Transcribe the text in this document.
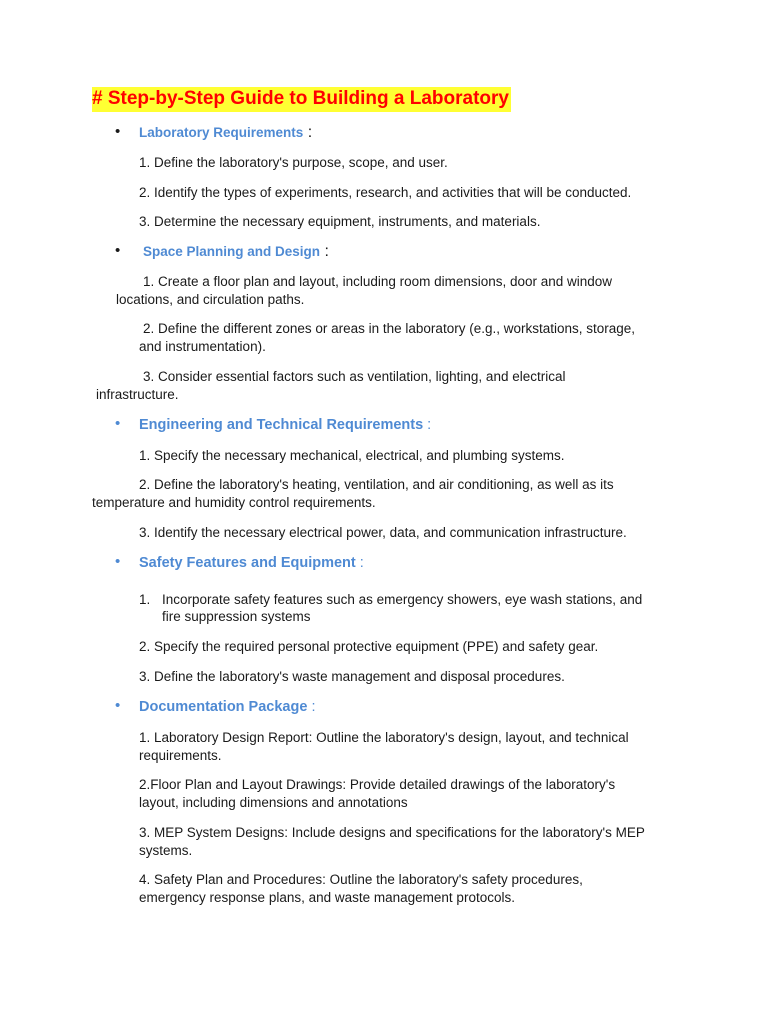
# Step-by-Step Guide to Building a Laboratory
• Laboratory Requirements :
1. Define the laboratory's purpose, scope, and user.
2. Identify the types of experiments, research, and activities that will be conducted.
3. Determine the necessary equipment, instruments, and materials.
• Space Planning and Design :
1. Create a floor plan and layout, including room dimensions, door and window
locations, and circulation paths.
2. Define the different zones or areas in the laboratory (e.g., workstations, storage,
and instrumentation).
3. Consider essential factors such as ventilation, lighting, and electrical
infrastructure.
• Engineering and Technical Requirements :
1. Specify the necessary mechanical, electrical, and plumbing systems.
2. Define the laboratory's heating, ventilation, and air conditioning, as well as its
temperature and humidity control requirements.
3. Identify the necessary electrical power, data, and communication infrastructure.
• Safety Features and Equipment :
1. Incorporate safety features such as emergency showers, eye wash stations, and
fire suppression systems
2. Specify the required personal protective equipment (PPE) and safety gear.
3. Define the laboratory's waste management and disposal procedures.
• Documentation Package :
1. Laboratory Design Report: Outline the laboratory's design, layout, and technical
requirements.
2.Floor Plan and Layout Drawings: Provide detailed drawings of the laboratory's
layout, including dimensions and annotations
3. MEP System Designs: Include designs and specifications for the laboratory's MEP
systems.
4. Safety Plan and Procedures: Outline the laboratory's safety procedures,
emergency response plans, and waste management protocols.
